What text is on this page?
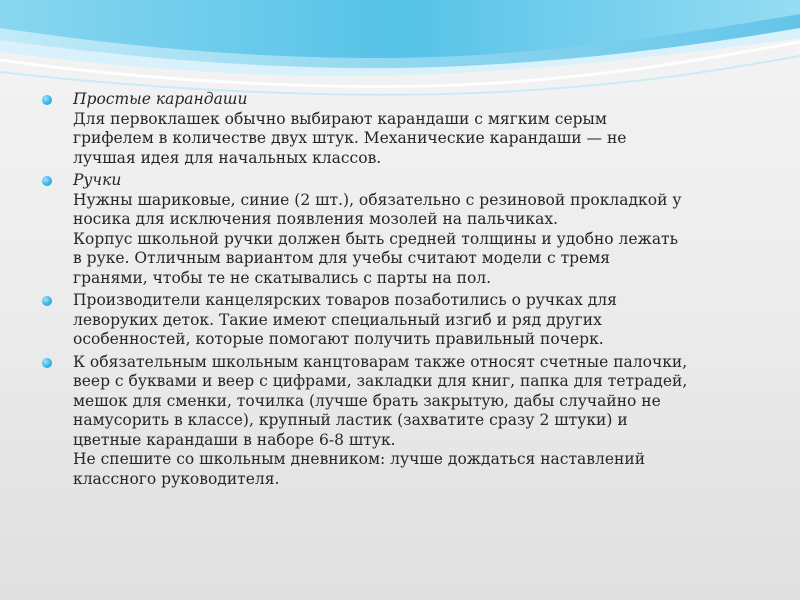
Простые карандаши
Для первоклашек обычно выбирают карандаши с мягким серым
грифелем в количестве двух штук. Механические карандаши — не
лучшая идея для начальных классов.
Ручки
Нужны шариковые, синие (2 шт.), обязательно с резиновой прокладкой у
носика для исключения появления мозолей на пальчиках.
Корпус школьной ручки должен быть средней толщины и удобно лежать
в руке. Отличным вариантом для учебы считают модели с тремя
гранями, чтобы те не скатывались с парты на пол.
Производители канцелярских товаров позаботились о ручках для
леворуких деток. Такие имеют специальный изгиб и ряд других
особенностей, которые помогают получить правильный почерк.
К обязательным школьным канцтоварам также относят счетные палочки,
веер с буквами и веер с цифрами, закладки для книг, папка для тетрадей,
мешок для сменки, точилка (лучше брать закрытую, дабы случайно не
намусорить в классе), крупный ластик (захватите сразу 2 штуки) и
цветные карандаши в наборе 6-8 штук.
Не спешите со школьным дневником: лучше дождаться наставлений
классного руководителя.
